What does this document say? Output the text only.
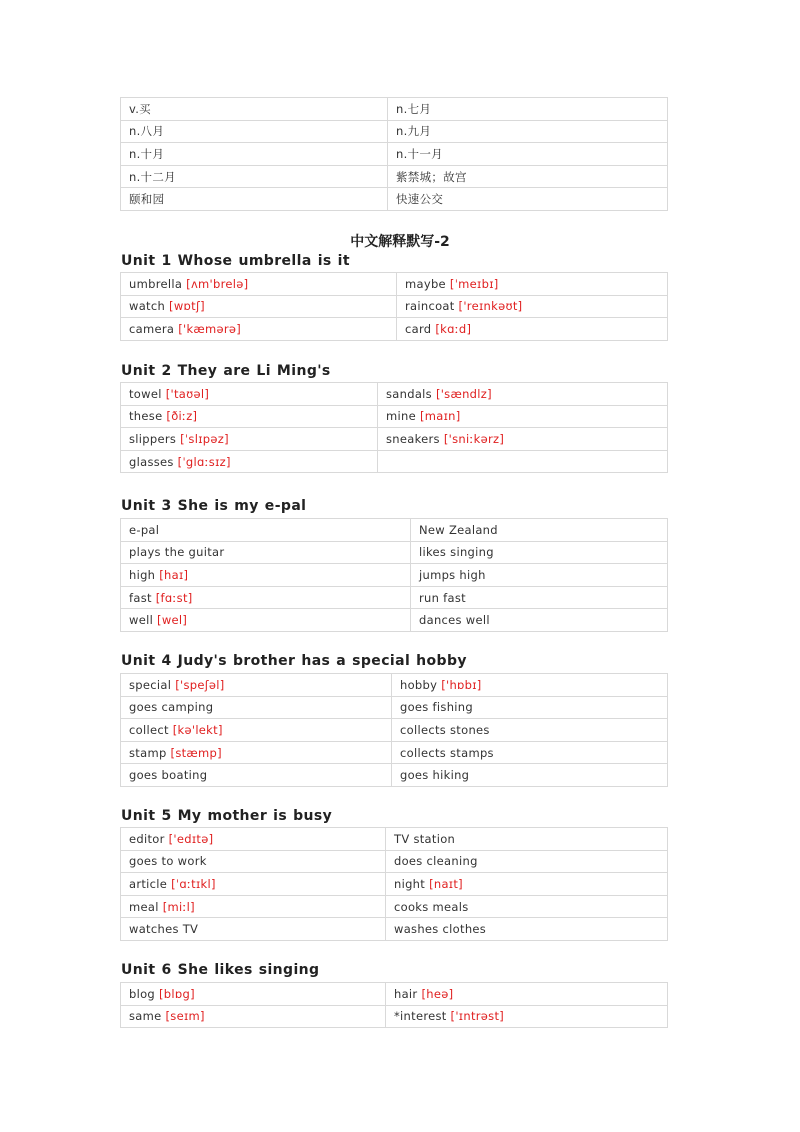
v.买	n.七月
n.八月	n.九月
n.十月	n.十一月
n.十二月	紫禁城；故宫
颐和园	快速公交
中文解释默写-2
Unit 1 Whose umbrella is it
umbrella [ʌm'brelə]	maybe [ˈmeɪbɪ]
watch [wɒtʃ]	raincoat ['reɪnkəʊt]
camera ['kæmərə]	card [kɑːd]
Unit 2 They are Li Ming's
towel ['taʊəl]	sandals ['sændlz]
these [ðiːz]	mine [maɪn]
slippers [ˈslɪpəz]	sneakers ['sniːkərz]
glasses [ˈglɑːsɪz]	
Unit 3 She is my e-pal
e-pal	New Zealand
plays the guitar	likes singing
high [haɪ]	jumps high
fast [fɑːst]	run fast
well [wel]	dances well
Unit 4 Judy's brother has a special hobby
special ['speʃəl]	hobby ['hɒbɪ]
goes camping	goes fishing
collect [kə'lekt]	collects stones
stamp [stæmp]	collects stamps
goes boating	goes hiking
Unit 5 My mother is busy
editor ['edɪtə]	TV station
goes to work	does cleaning
article [ˈɑːtɪkl]	night [naɪt]
meal [miːl]	cooks meals
watches TV	washes clothes
Unit 6 She likes singing
blog [blɒg]	hair [heə]
same [seɪm]	*interest ['ɪntrəst]
